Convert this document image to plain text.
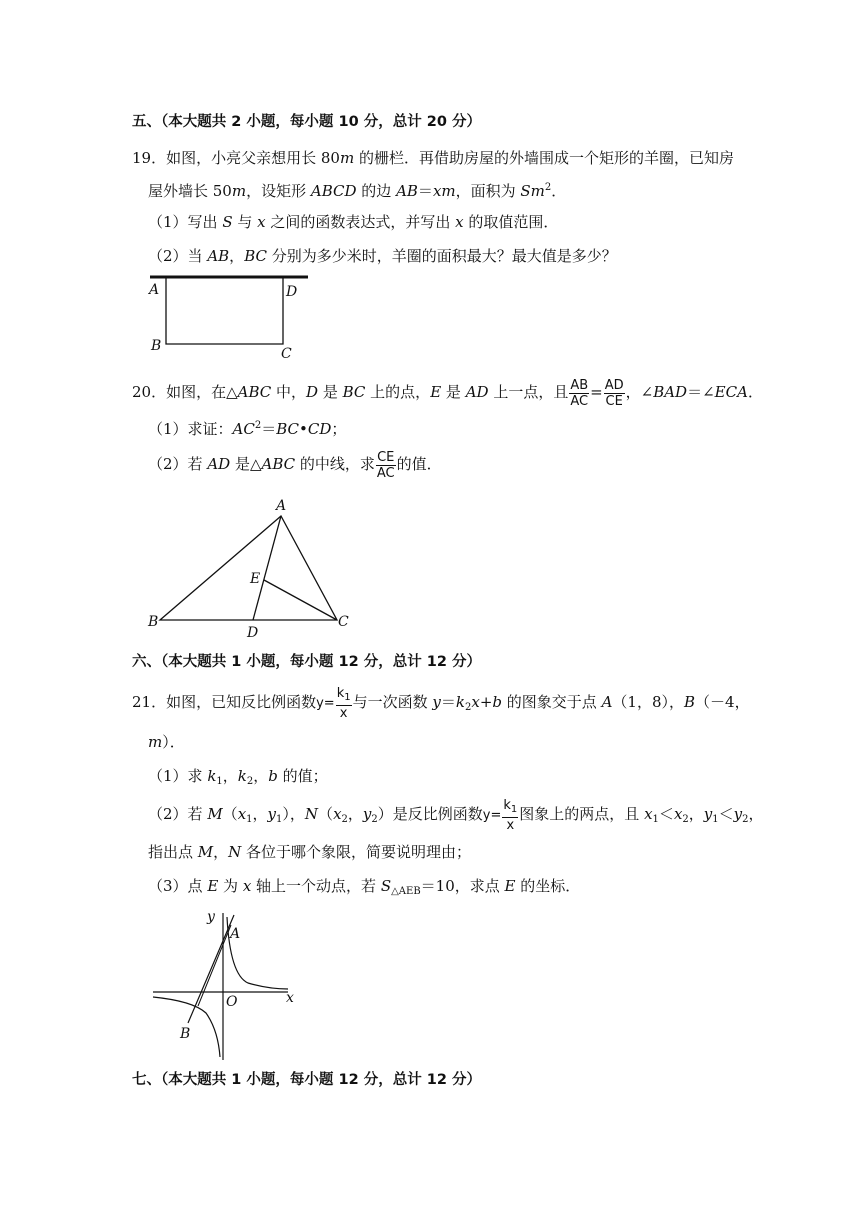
五、（本大题共 2 小题，每小题 10 分，总计 20 分）
19．如图，小亮父亲想用长 80m 的栅栏．再借助房屋的外墙围成一个矩形的羊圈，已知房
屋外墙长 50m，设矩形 ABCD 的边 AB＝xm，面积为 Sm$^2$．
（1）写出 S 与 x 之间的函数表达式，并写出 x 的取值范围．
（2）当 AB，BC 分别为多少米时，羊圈的面积最大？最大值是多少？
A	D
B	C
20．如图，在△ABC 中，D 是 BC 上的点，E 是 AD 上一点，且 $\frac{AB}{AC} = \frac{AD}{CE}$ ，∠BAD＝∠ECA．
（1）求证：$AC^2=BC•CD$；
（2）若 AD 是△ABC 的中线，求 $\frac{CE}{AC}$ 的值．
A
B	C
D
E
六、（本大题共 1 小题，每小题 12 分，总计 12 分）
21．如图，已知反比例函数$y= \frac{k_1}{x}$ 与一次函数 $y=k_2x+b$ 的图象交于点 A（1，8），B（－4，
m）．
（1）求 $k_1$，$k_2$，b 的值；
（2）若 $M(x_1$，$y_1$），$N(x_2$，$y_2$）是反比例函数$y= \frac{k_1}{x}$ 图象上的两点，且 $x_1<x_2$，$y_1<y_2$，
指出点 M，N 各位于哪个象限，简要说明理由；
（3）点 E 为 x 轴上一个动点，若 $S_{\triangle AEB}=10$，求点 E 的坐标．
y
x
O
A
B
七、（本大题共 1 小题，每小题 12 分，总计 12 分）
